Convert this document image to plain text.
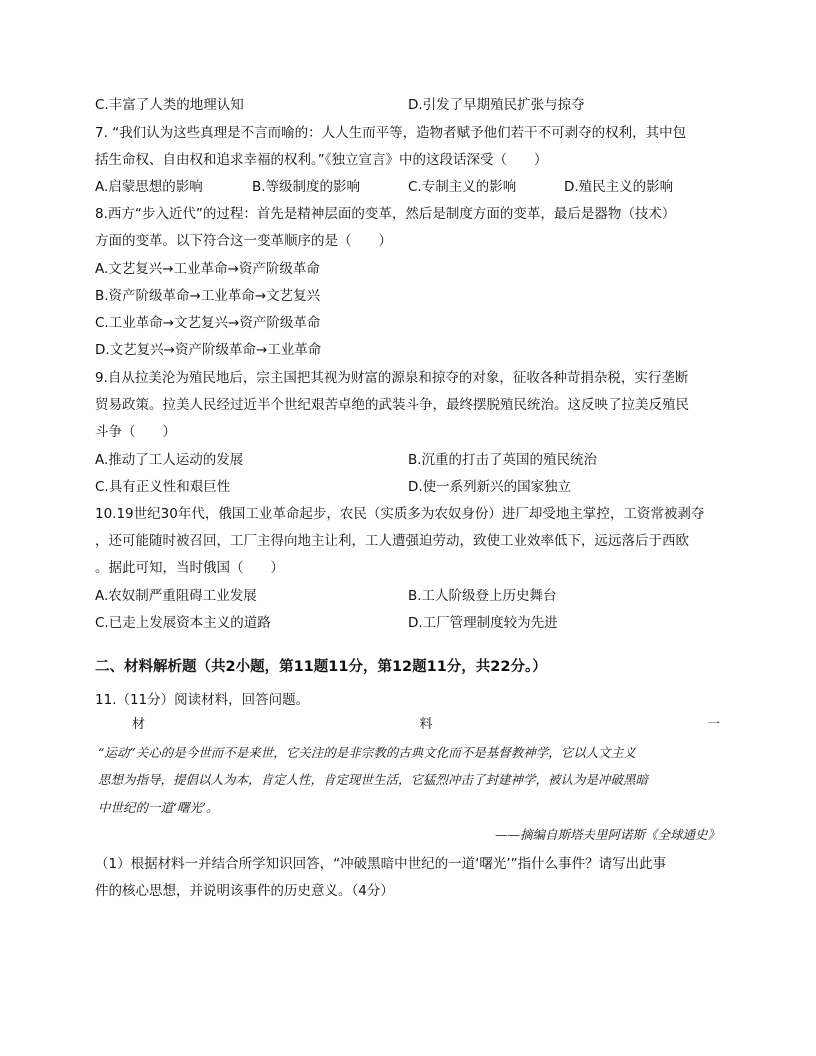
C.丰富了人类的地理认知	D.引发了早期殖民扩张与掠夺
7. “我们认为这些真理是不言而喻的：人人生而平等，造物者赋予他们若干不可剥夺的权利，其中包
括生命权、自由权和追求幸福的权利。”《独立宣言》中的这段话深受（　　）
A.启蒙思想的影响	B.等级制度的影响	C.专制主义的影响	D.殖民主义的影响
8.西方“步入近代”的过程：首先是精神层面的变革，然后是制度方面的变革，最后是器物（技术）
方面的变革。以下符合这一变革顺序的是（　　）
A.文艺复兴→工业革命→资产阶级革命
B.资产阶级革命→工业革命→文艺复兴
C.工业革命→文艺复兴→资产阶级革命
D.文艺复兴→资产阶级革命→工业革命
9.自从拉美沦为殖民地后，宗主国把其视为财富的源泉和掠夺的对象，征收各种苛捐杂税，实行垄断
贸易政策。拉美人民经过近半个世纪艰苦卓绝的武装斗争，最终摆脱殖民统治。这反映了拉美反殖民
斗争（　　）
A.推动了工人运动的发展	B.沉重的打击了英国的殖民统治
C.具有正义性和艰巨性	D.使一系列新兴的国家独立
10.19世纪30年代，俄国工业革命起步，农民（实质多为农奴身份）进厂却受地主掌控，工资常被剥夺
，还可能随时被召回，工厂主得向地主让利，工人遭强迫劳动，致使工业效率低下，远远落后于西欧
。据此可知，当时俄国（　　）
A.农奴制严重阻碍工业发展	B.工人阶级登上历史舞台
C.已走上发展资本主义的道路	D.工厂管理制度较为先进
二、材料解析题（共2小题，第11题11分，第12题11分，共22分。）
11.（11分）阅读材料，回答问题。
材	料	一
“运动”关心的是今世而不是来世，它关注的是非宗教的古典文化而不是基督教神学，它以人文主义
思想为指导，提倡以人为本，肯定人性，肯定现世生活，它猛烈冲击了封建神学，被认为是冲破黑暗
中世纪的一道‘曙光’。
——摘编自斯塔夫里阿诺斯《全球通史》
（1）根据材料一并结合所学知识回答，“冲破黑暗中世纪的一道‘曙光’”指什么事件？请写出此事
件的核心思想，并说明该事件的历史意义。（4分）
